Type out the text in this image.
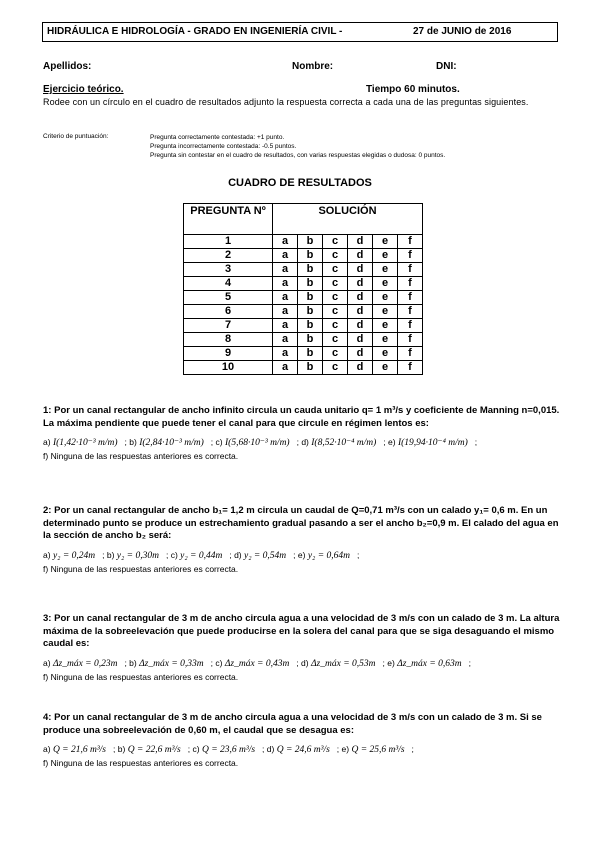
HIDRÁULICA E HIDROLOGÍA - GRADO EN INGENIERÍA CIVIL -	27 de JUNIO de 2016
Apellidos:	Nombre:	DNI:
Ejercicio teórico.	Tiempo 60 minutos.
Rodee con un círculo en el cuadro de resultados adjunto la respuesta correcta a cada una de las preguntas siguientes.
Criterio de puntuación:	Pregunta correctamente contestada: +1 punto.
Pregunta incorrectamente contestada: -0.5 puntos.
Pregunta sin contestar en el cuadro de resultados, con varias respuestas elegidas o dudosa: 0 puntos.
CUADRO DE RESULTADOS
PREGUNTA Nº	SOLUCIÓN					
1	a	b	c	d	e	f
2	a	b	c	d	e	f
3	a	b	c	d	e	f
4	a	b	c	d	e	f
5	a	b	c	d	e	f
6	a	b	c	d	e	f
7	a	b	c	d	e	f
8	a	b	c	d	e	f
9	a	b	c	d	e	f
10	a	b	c	d	e	f
1: Por un canal rectangular de ancho infinito circula un cauda unitario q= 1 m³/s y coeficiente de Manning n=0,015. La máxima pendiente que puede tener el canal para que circule en régimen lentos es:
a) I(1,42·10⁻³ m/m) ; b) I(2,84·10⁻³ m/m) ; c) I(5,68·10⁻³ m/m) ; d) I(8,52·10⁻⁴ m/m) ; e) I(19,94·10⁻⁴ m/m) ; f) Ninguna de las respuestas anteriores es correcta.
2: Por un canal rectangular de ancho b₁= 1,2 m circula un caudal de Q=0,71 m³/s con un calado y₁= 0,6 m. En un determinado punto se produce un estrechamiento gradual pasando a ser el ancho b₂=0,9 m. El calado del agua en la sección de ancho b₂ será:
a) y₂ = 0,24m ; b) y₂ = 0,30m ; c) y₂ = 0,44m ; d) y₂ = 0,54m ; e) y₂ = 0,64m ; f) Ninguna de las respuestas anteriores es correcta.
3: Por un canal rectangular de 3 m de ancho circula agua a una velocidad de 3 m/s con un calado de 3 m. La altura máxima de la sobreelevación que puede producirse en la solera del canal para que se siga desaguando el mismo caudal es:
a) Δz_máx = 0,23m ; b) Δz_máx = 0,33m ; c) Δz_máx = 0,43m ; d) Δz_máx = 0,53m ; e) Δz_máx = 0,63m ; f) Ninguna de las respuestas anteriores es correcta.
4: Por un canal rectangular de 3 m de ancho circula agua a una velocidad de 3 m/s con un calado de 3 m. Si se produce una sobreelevación de 0,60 m, el caudal que se desagua es:
a) Q = 21,6 m³/s ; b) Q = 22,6 m³/s ; c) Q = 23,6 m³/s ; d) Q = 24,6 m³/s ; e) Q = 25,6 m³/s ; f) Ninguna de las respuestas anteriores es correcta.
